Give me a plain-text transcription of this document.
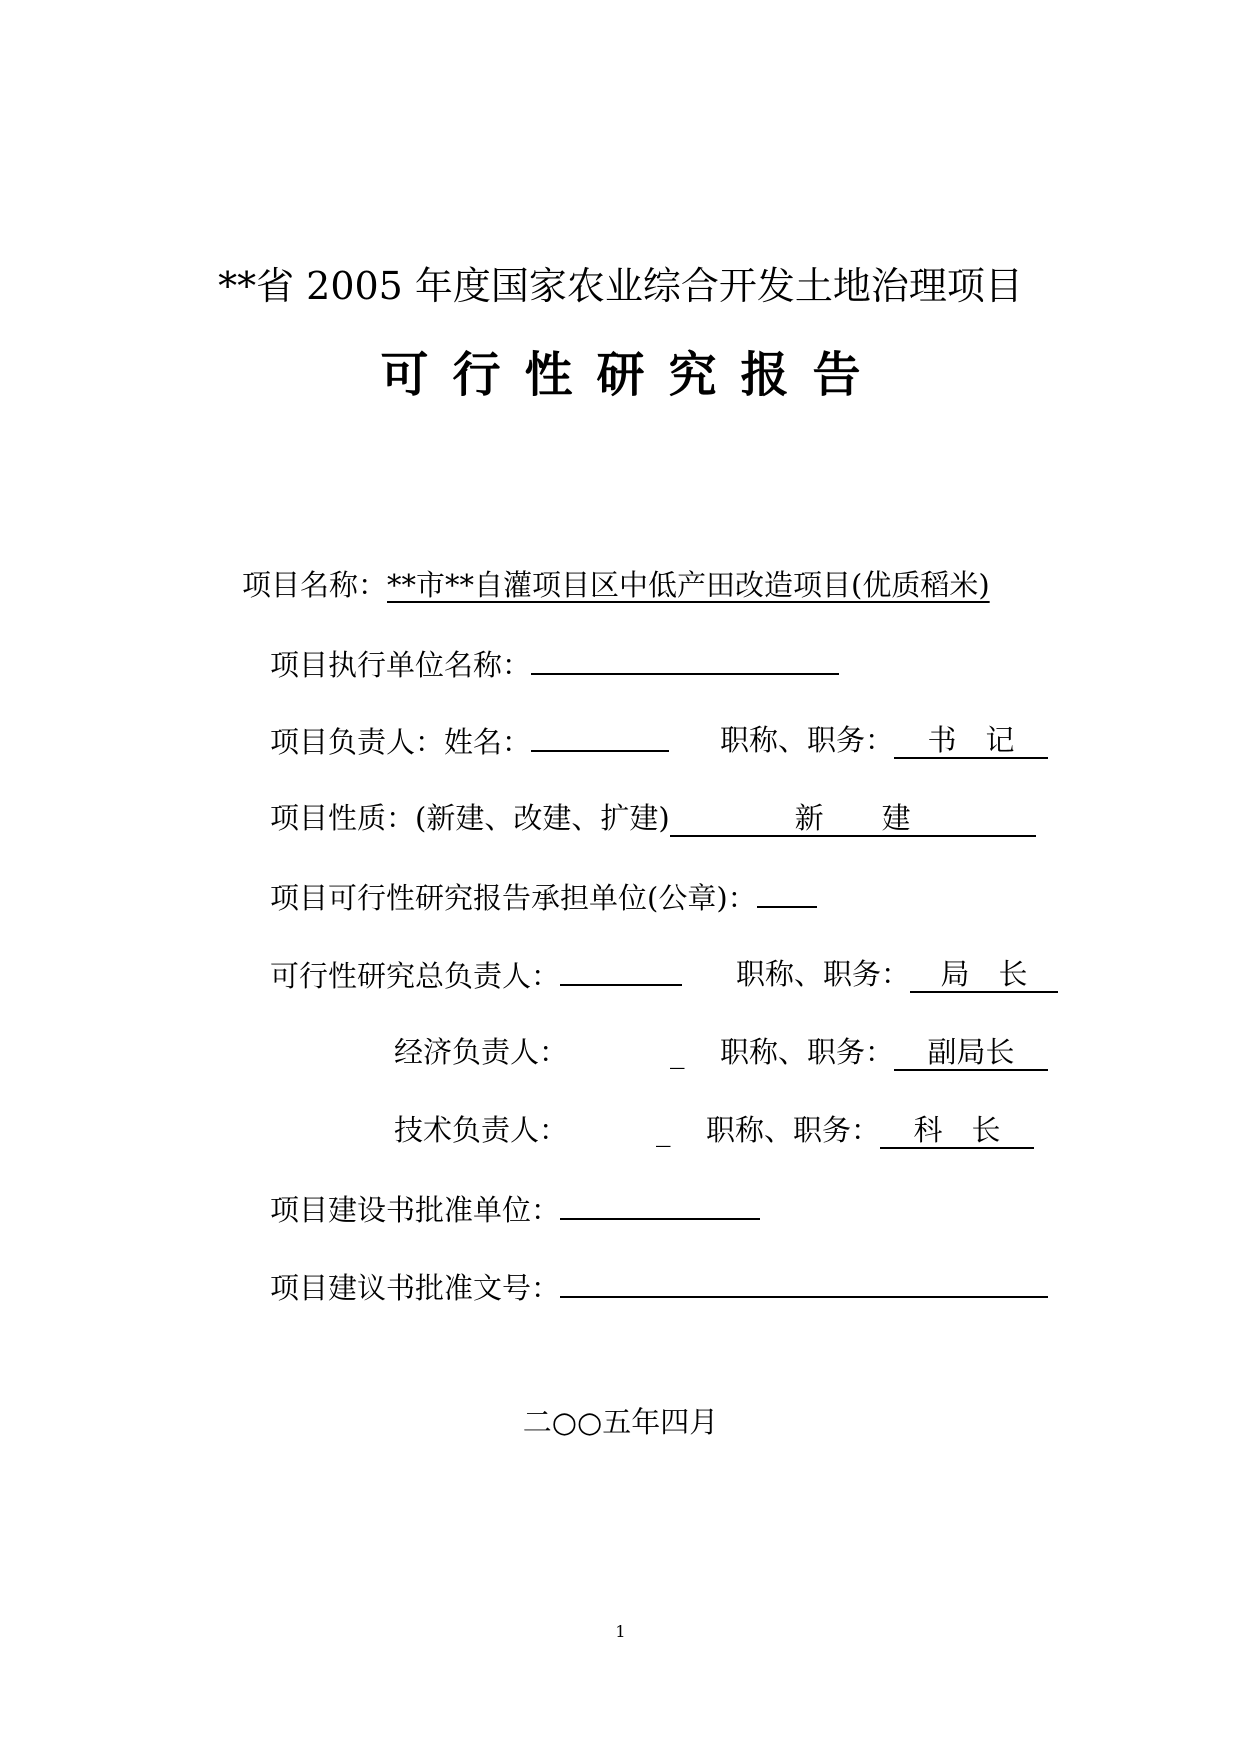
**省 2005 年度国家农业综合开发土地治理项目
可行性研究报告
项目名称：**市**自灌项目区中低产田改造项目(优质稻米)
项目执行单位名称：
项目负责人：姓名：	职称、职务： 书　记
项目性质：(新建、改建、扩建)	新　　建
项目可行性研究报告承担单位(公章)：
可行性研究总负责人：	职称、职务： 局　长
经济负责人：	_ 职称、职务： 副局长
技术负责人：	_ 职称、职务： 科　长
项目建设书批准单位：
项目建议书批准文号：
二○○五年四月
1
